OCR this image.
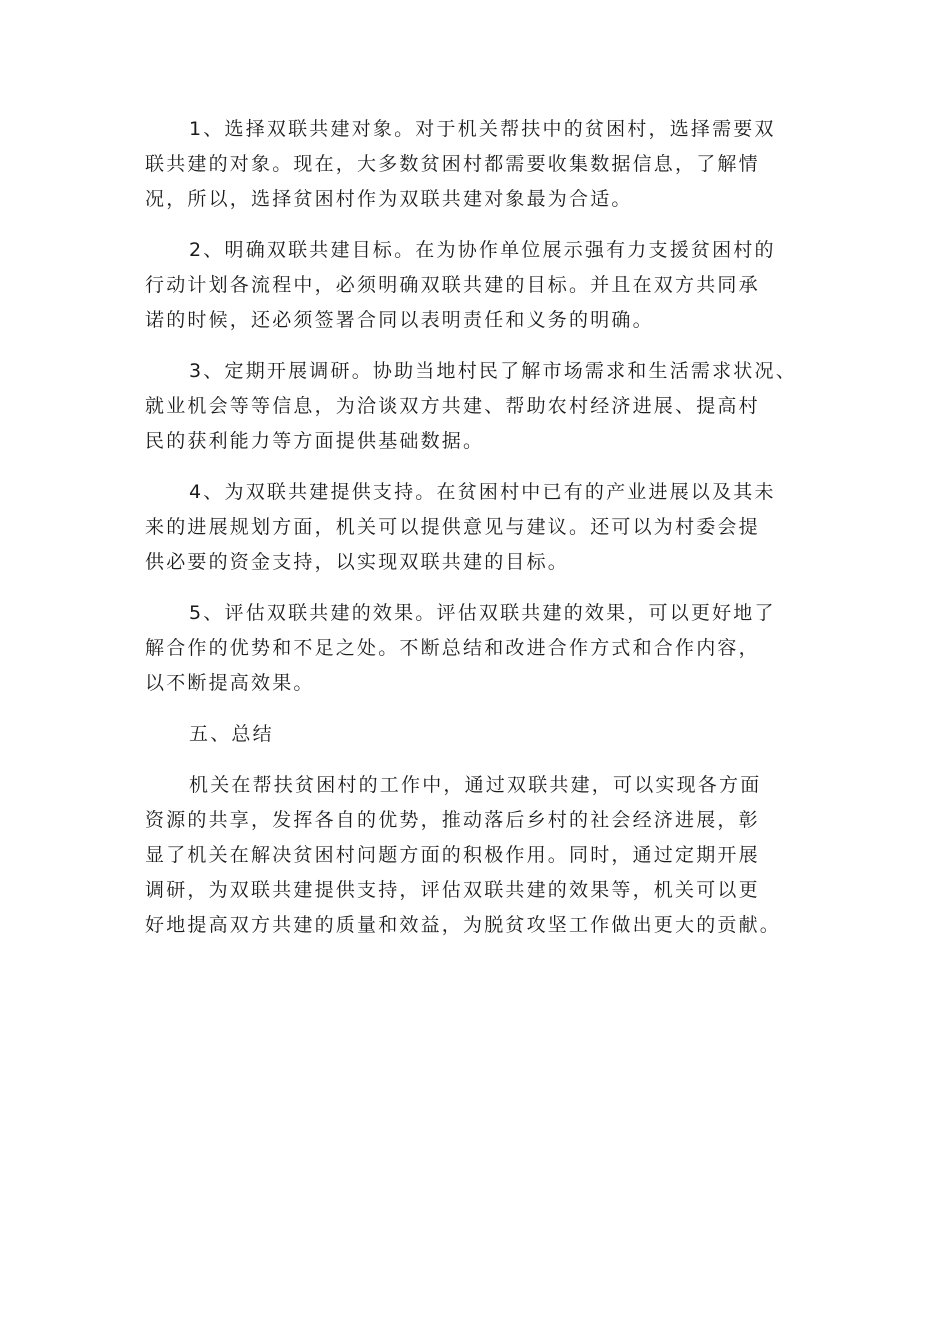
1、选择双联共建对象。对于机关帮扶中的贫困村，选择需要双
联共建的对象。现在，大多数贫困村都需要收集数据信息，了解情
况，所以，选择贫困村作为双联共建对象最为合适。

2、明确双联共建目标。在为协作单位展示强有力支援贫困村的
行动计划各流程中，必须明确双联共建的目标。并且在双方共同承
诺的时候，还必须签署合同以表明责任和义务的明确。

3、定期开展调研。协助当地村民了解市场需求和生活需求状况、
就业机会等等信息，为洽谈双方共建、帮助农村经济进展、提高村
民的获利能力等方面提供基础数据。

4、为双联共建提供支持。在贫困村中已有的产业进展以及其未
来的进展规划方面，机关可以提供意见与建议。还可以为村委会提
供必要的资金支持，以实现双联共建的目标。

5、评估双联共建的效果。评估双联共建的效果，可以更好地了
解合作的优势和不足之处。不断总结和改进合作方式和合作内容，
以不断提高效果。

五、总结

机关在帮扶贫困村的工作中，通过双联共建，可以实现各方面
资源的共享，发挥各自的优势，推动落后乡村的社会经济进展，彰
显了机关在解决贫困村问题方面的积极作用。同时，通过定期开展
调研，为双联共建提供支持，评估双联共建的效果等，机关可以更
好地提高双方共建的质量和效益，为脱贫攻坚工作做出更大的贡献。
